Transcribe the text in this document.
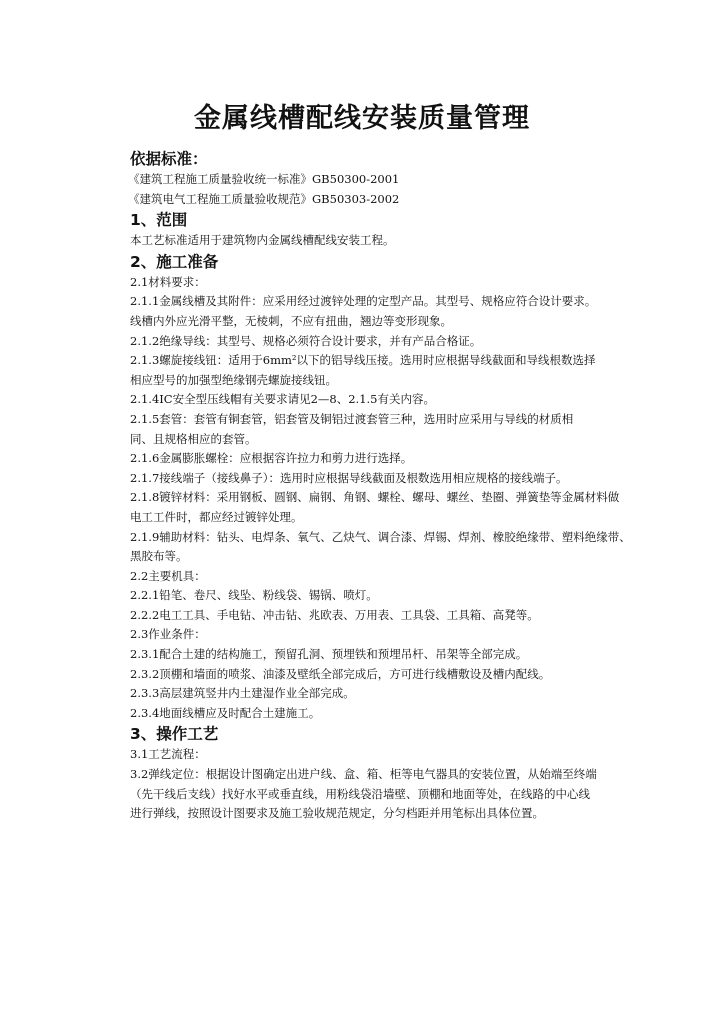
金属线槽配线安装质量管理
依据标准：
《建筑工程施工质量验收统一标准》GB50300-2001
《建筑电气工程施工质量验收规范》GB50303-2002
1、范围
本工艺标准适用于建筑物内金属线槽配线安装工程。
2、施工准备
2.1材料要求：
2.1.1金属线槽及其附件：应采用经过渡锌处理的定型产品。其型号、规格应符合设计要求。
线槽内外应光滑平整，无棱刺，不应有扭曲，翘边等变形现象。
2.1.2绝缘导线：其型号、规格必须符合设计要求，并有产品合格证。
2.1.3螺旋接线钮：适用于6mm²以下的铝导线压接。选用时应根据导线截面和导线根数选择
相应型号的加强型绝缘钢壳螺旋接线钮。
2.1.4IC安全型压线帽有关要求请见2—8、2.1.5有关内容。
2.1.5套管：套管有铜套管，铝套管及铜铝过渡套管三种，选用时应采用与导线的材质相
同、且规格相应的套管。
2.1.6金属膨胀螺栓：应根据容许拉力和剪力进行选择。
2.1.7接线端子（接线鼻子）：选用时应根据导线截面及根数选用相应规格的接线端子。
2.1.8镀锌材料：采用钢板、圆钢、扁钢、角钢、螺栓、螺母、螺丝、垫圈、弹簧垫等金属材料做
电工工件时，都应经过镀锌处理。
2.1.9辅助材料：钻头、电焊条、氧气、乙炔气、调合漆、焊锡、焊剂、橡胶绝缘带、塑料绝缘带、
黑胶布等。
2.2主要机具：
2.2.1铅笔、卷尺、线坠、粉线袋、锡锅、喷灯。
2.2.2电工工具、手电钻、冲击钻、兆欧表、万用表、工具袋、工具箱、高凳等。
2.3作业条件：
2.3.1配合土建的结构施工，预留孔洞、预埋铁和预埋吊杆、吊架等全部完成。
2.3.2顶棚和墙面的喷浆、油漆及壁纸全部完成后，方可进行线槽敷设及槽内配线。
2.3.3高层建筑竖井内土建湿作业全部完成。
2.3.4地面线槽应及时配合土建施工。
3、操作工艺
3.1工艺流程：
3.2弹线定位：根据设计图确定出进户线、盒、箱、柜等电气器具的安装位置，从始端至终端
（先干线后支线）找好水平或垂直线，用粉线袋沿墙壁、顶棚和地面等处，在线路的中心线
进行弹线，按照设计图要求及施工验收规范规定，分匀档距并用笔标出具体位置。
